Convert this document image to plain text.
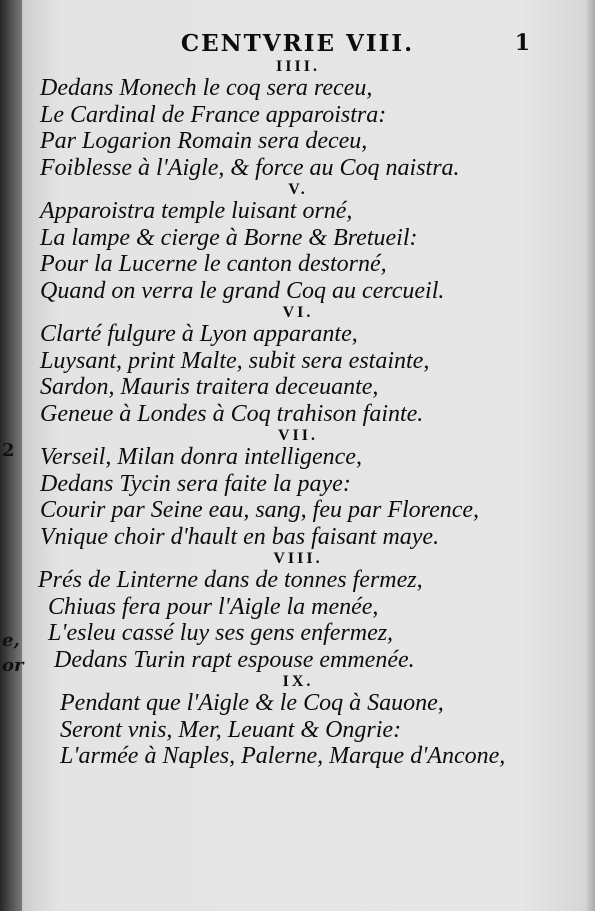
2
e,
or
CENTVRIE VIII.	1
IIII.
Dedans Monech le coq sera receu,
Le Cardinal de France apparoistra:
Par Logarion Romain sera deceu,
Foiblesse à l'Aigle, & force au Coq naistra.
V.
Apparoistra temple luisant orné,
La lampe & cierge à Borne & Bretueil:
Pour la Lucerne le canton destorné,
Quand on verra le grand Coq au cercueil.
VI.
Clarté fulgure à Lyon apparante,
Luysant, print Malte, subit sera estainte,
Sardon, Mauris traitera deceuante,
Geneue à Londes à Coq trahison fainte.
VII.
Verseil, Milan donra intelligence,
Dedans Tycin sera faite la paye:
Courir par Seine eau, sang, feu par Florence,
Vnique choir d'hault en bas faisant maye.
VIII.
Prés de Linterne dans de tonnes fermez,
Chiuas fera pour l'Aigle la menée,
L'esleu cassé luy ses gens enfermez,
Dedans Turin rapt espouse emmenée.
IX.
Pendant que l'Aigle & le Coq à Sauone,
Seront vnis, Mer, Leuant & Ongrie:
L'armée à Naples, Palerne, Marque d'Ancone,
